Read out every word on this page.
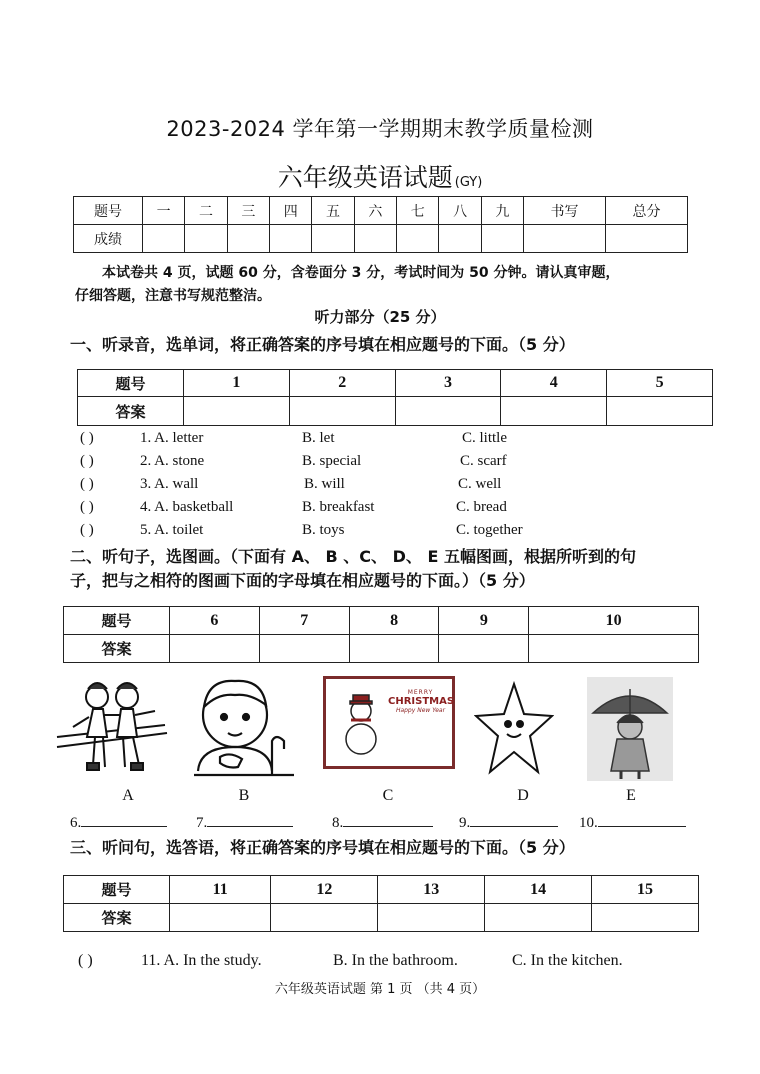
2023-2024 学年第一学期期末教学质量检测
六年级英语试题 (GY)
题号	一	二	三	四	五	六	七	八	九	书写	总分
成绩											
本试卷共 4 页，试题 60 分，含卷面分 3 分，考试时间为 50 分钟。请认真审题，
仔细答题，注意书写规范整洁。
听力部分（25 分）
一、听录音，选单词，将正确答案的序号填在相应题号的下面。（5 分）
题号	1	2	3	4	5
答案					
( )	1. A. letter	B. let	C. little
( )	2. A. stone	B. special	C. scarf
( )	3. A. wall	B. will	C. well
( )	4. A. basketball	B. breakfast	C. bread
( )	5. A. toilet	B. toys	C. together
二、听句子，选图画。（下面有 A、 B 、C、 D、 E 五幅图画，根据所听到的句
子，把与之相符的图画下面的字母填在相应题号的下面。）（5 分）
题号	6	7	8	9	10
答案					
MERRY
CHRISTMAS
Happy New Year
A	B	C	D	E
6.	7.	8.	9.	10.
三、听问句，选答语，将正确答案的序号填在相应题号的下面。（5 分）
题号	11	12	13	14	15
答案					
( )	11. A. In the study.	B. In the bathroom.	C. In the kitchen.
六年级英语试题 第 1 页 （共 4 页）
